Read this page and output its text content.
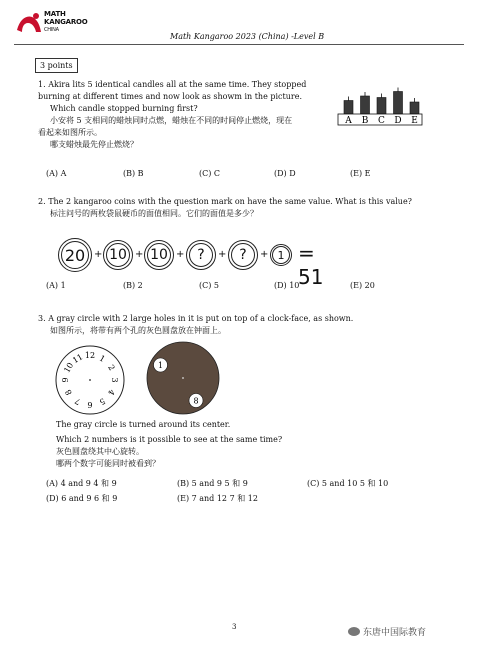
MATH
KANGAROO
CHINA
Math Kangaroo 2023 (China) -Level B
3 points
1. Akira lits 5 identical candles all at the same time. They stopped
burning at different times and now look as showm in the picture.
Which candle stopped burning first?
小安将 5 支相同的蜡烛同时点燃，蜡烛在不同的时间停止燃烧，现在
看起来如图所示。
哪支蜡烛最先停止燃烧？
A B C D E
(A) A	(B) B	(C) C	(D) D	(E) E
2. The 2 kangaroo coins with the question mark on have the same value. What is this value?
标注问号的两枚袋鼠硬币的面值相同。它们的面值是多少？
20 + 10 + 10 + ?	+ ?	+ 1 = 51
(A) 1	(B) 2	(C) 5	(D) 10	(E) 20
3. A gray circle with 2 large holes in it is put on top of a clock-face, as shown.
如图所示，将带有两个孔的灰色圆盘放在钟面上。
12 1
2
3
4
5
6
7
8
9
10
11
1
8
The gray circle is turned around its center.
Which 2 numbers is it possible to see at the same time?
灰色圆盘绕其中心旋转。
哪两个数字可能同时被看到？
(A) 4 and 9 4 和 9	(B) 5 and 9 5 和 9	(C) 5 and 10 5 和 10
(D) 6 and 9 6 和 9	(E) 7 and 12 7 和 12
3
东唐中国际教育
